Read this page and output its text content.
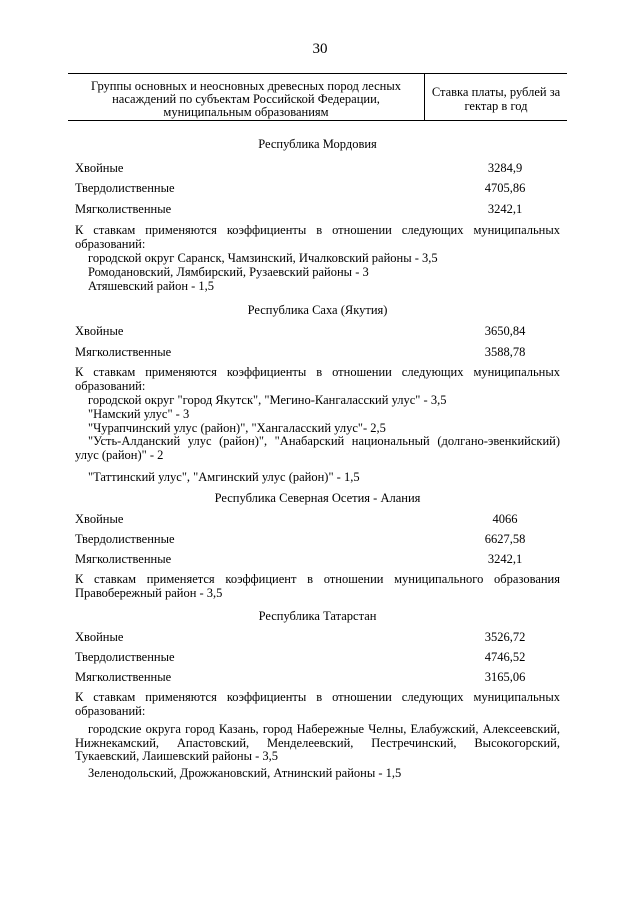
30
Группы основных и неосновных древесных пород лесных насаждений по субъектам Российской Федерации, муниципальным образованиям
Ставка платы, рублей за гектар в год
Республика Мордовия
Хвойные	3284,9
Твердолиственные	4705,86
Мягколиственные	3242,1
К ставкам применяются коэффициенты в отношении следующих муниципальных образований:
городской округ Саранск, Чамзинский, Ичалковский районы - 3,5
Ромодановский, Лямбирский, Рузаевский районы - 3
Атяшевский район - 1,5
Республика Саха (Якутия)
Хвойные	3650,84
Мягколиственные	3588,78
К ставкам применяются коэффициенты в отношении следующих муниципальных образований:
городской округ "город Якутск", "Мегино-Кангаласский улус" - 3,5
"Намский улус" - 3
"Чурапчинский улус (район)", "Хангаласский улус"- 2,5
"Усть-Алданский улус (район)", "Анабарский национальный (долгано-эвенкийский) улус (район)" - 2
"Таттинский улус", "Амгинский улус (район)" - 1,5
Республика Северная Осетия - Алания
Хвойные	4066
Твердолиственные	6627,58
Мягколиственные	3242,1
К ставкам применяется коэффициент в отношении муниципального образования Правобережный район - 3,5
Республика Татарстан
Хвойные	3526,72
Твердолиственные	4746,52
Мягколиственные	3165,06
К ставкам применяются коэффициенты в отношении следующих муниципальных образований:
городские округа город Казань, город Набережные Челны, Елабужский, Алексеевский, Нижнекамский, Апастовский, Менделеевский, Пестречинский, Высокогорский, Тукаевский, Лаишевский районы - 3,5
Зеленодольский, Дрожжановский, Атнинский районы - 1,5
